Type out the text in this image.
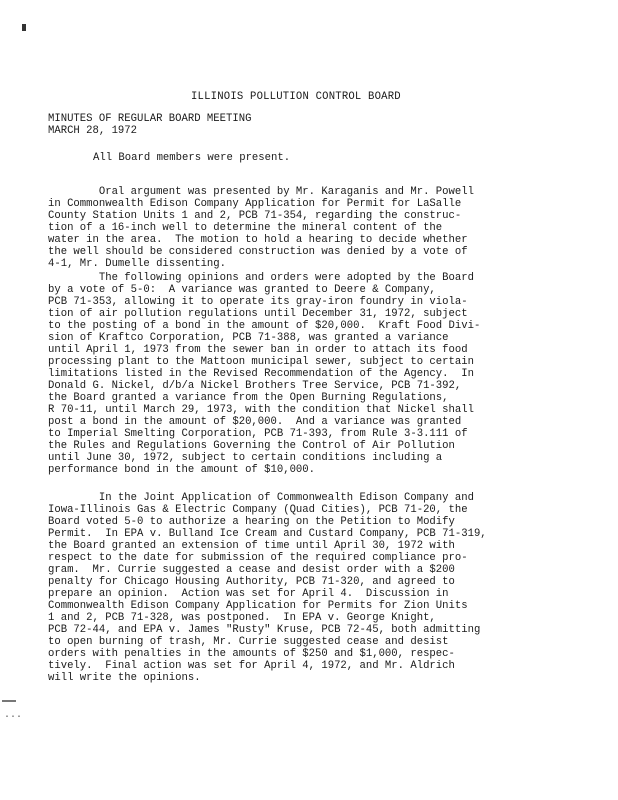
ILLINOIS POLLUTION CONTROL BOARD
MINUTES OF REGULAR BOARD MEETING
MARCH 28, 1972
All Board members were present.
Oral argument was presented by Mr. Karaganis and Mr. Powell
in Commonwealth Edison Company Application for Permit for LaSalle
County Station Units 1 and 2, PCB 71-354, regarding the construc-
tion of a 16-inch well to determine the mineral content of the
water in the area.  The motion to hold a hearing to decide whether
the well should be considered construction was denied by a vote of
4-1, Mr. Dumelle dissenting.
The following opinions and orders were adopted by the Board
by a vote of 5-0:  A variance was granted to Deere & Company,
PCB 71-353, allowing it to operate its gray-iron foundry in viola-
tion of air pollution regulations until December 31, 1972, subject
to the posting of a bond in the amount of $20,000.  Kraft Food Divi-
sion of Kraftco Corporation, PCB 71-388, was granted a variance
until April 1, 1973 from the sewer ban in order to attach its food
processing plant to the Mattoon municipal sewer, subject to certain
limitations listed in the Revised Recommendation of the Agency.  In
Donald G. Nickel, d/b/a Nickel Brothers Tree Service, PCB 71-392,
the Board granted a variance from the Open Burning Regulations,
R 70-11, until March 29, 1973, with the condition that Nickel shall
post a bond in the amount of $20,000.  And a variance was granted
to Imperial Smelting Corporation, PCB 71-393, from Rule 3-3.111 of
the Rules and Regulations Governing the Control of Air Pollution
until June 30, 1972, subject to certain conditions including a
performance bond in the amount of $10,000.
In the Joint Application of Commonwealth Edison Company and
Iowa-Illinois Gas & Electric Company (Quad Cities), PCB 71-20, the
Board voted 5-0 to authorize a hearing on the Petition to Modify
Permit.  In EPA v. Bulland Ice Cream and Custard Company, PCB 71-319,
the Board granted an extension of time until April 30, 1972 with
respect to the date for submission of the required compliance pro-
gram.  Mr. Currie suggested a cease and desist order with a $200
penalty for Chicago Housing Authority, PCB 71-320, and agreed to
prepare an opinion.  Action was set for April 4.  Discussion in
Commonwealth Edison Company Application for Permits for Zion Units
1 and 2, PCB 71-328, was postponed.  In EPA v. George Knight,
PCB 72-44, and EPA v. James "Rusty" Kruse, PCB 72-45, both admitting
to open burning of trash, Mr. Currie suggested cease and desist
orders with penalties in the amounts of $250 and $1,000, respec-
tively.  Final action was set for April 4, 1972, and Mr. Aldrich
will write the opinions.
·∙·
